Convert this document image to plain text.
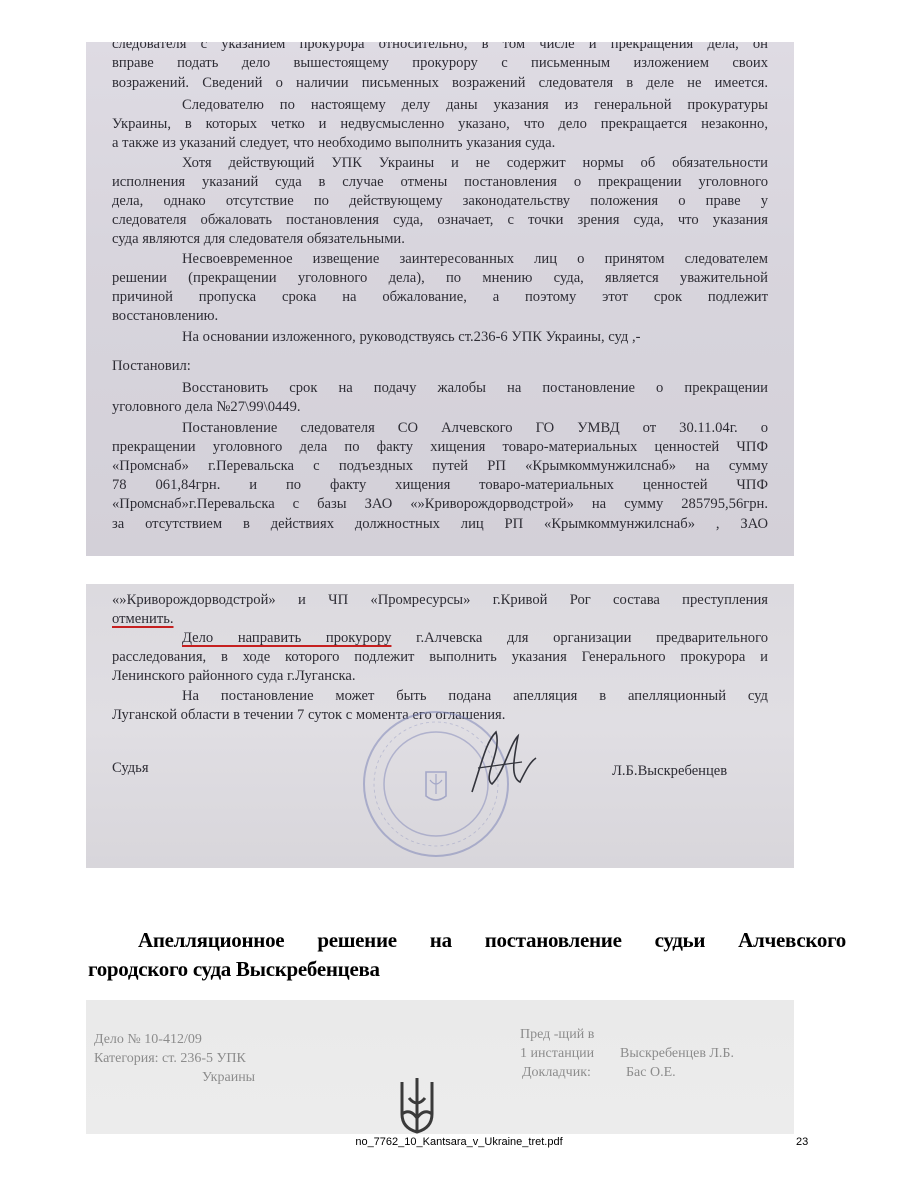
следователя с указанием прокурора относительно, в том числе и прекращения дела, он

вправе подать дело вышестоящему прокурору с письменным изложением своих

возражений. Сведений о наличии письменных возражений следователя в деле не имеется.

Следователю по настоящему делу даны указания из генеральной прокуратуры

Украины, в которых четко и недвусмысленно указано, что дело прекращается незаконно,

а также из указаний следует, что необходимо выполнить указания суда.

Хотя действующий УПК Украины и не содержит нормы об обязательности

исполнения указаний суда в случае отмены постановления о прекращении уголовного

дела, однако отсутствие по действующему законодательству положения о праве у

следователя обжаловать постановления суда, означает, с точки зрения суда, что указания

суда являются для следователя обязательными.

Несвоевременное извещение заинтересованных лиц о принятом следователем

решении (прекращении уголовного дела), по мнению суда, является уважительной

причиной пропуска срока на обжалование, а поэтому этот срок подлежит

восстановлению.

На основании изложенного, руководствуясь ст.236-6 УПК Украины, суд ,-

Постановил:

Восстановить срок на подачу жалобы на постановление о прекращении

уголовного дела №27\99\0449.

Постановление следователя СО Алчевского ГО УМВД от 30.11.04г. о

прекращении уголовного дела по факту хищения товаро-материальных ценностей ЧПФ

«Промснаб» г.Перевальска с подъездных путей РП «Крымкоммунжилснаб» на сумму

78 061,84грн. и по факту хищения товаро-материальных ценностей ЧПФ

«Промснаб»г.Перевальска с базы ЗАО «»Криворождорводстрой» на сумму 285795,56грн.

за отсутствием в действиях должностных лиц РП «Крымкоммунжилснаб» , ЗАО

«»Криворождорводстрой» и ЧП «Промресурсы» г.Кривой Рог состава преступления

отменить.

Дело направить прокурору г.Алчевска для организации предварительного

расследования, в ходе которого подлежит выполнить указания Генерального прокурора и

Ленинского районного суда г.Луганска.

На постановление может быть подана апелляция в апелляционный суд

Луганской области в течении 7 суток с момента его оглашения.

Судья	Л.Б.Выскребенцев

Апелляционное решение на постановление судьи Алчевского

городского суда Выскребенцева

Дело № 10-412/09

Категория: ст. 236-5 УПК

Украины

Пред -щий в

1 инстанции Выскребенцев Л.Б.

Докладчик:	Бас О.Е.

no_7762_10_Kantsara_v_Ukraine_tret.pdf	23
